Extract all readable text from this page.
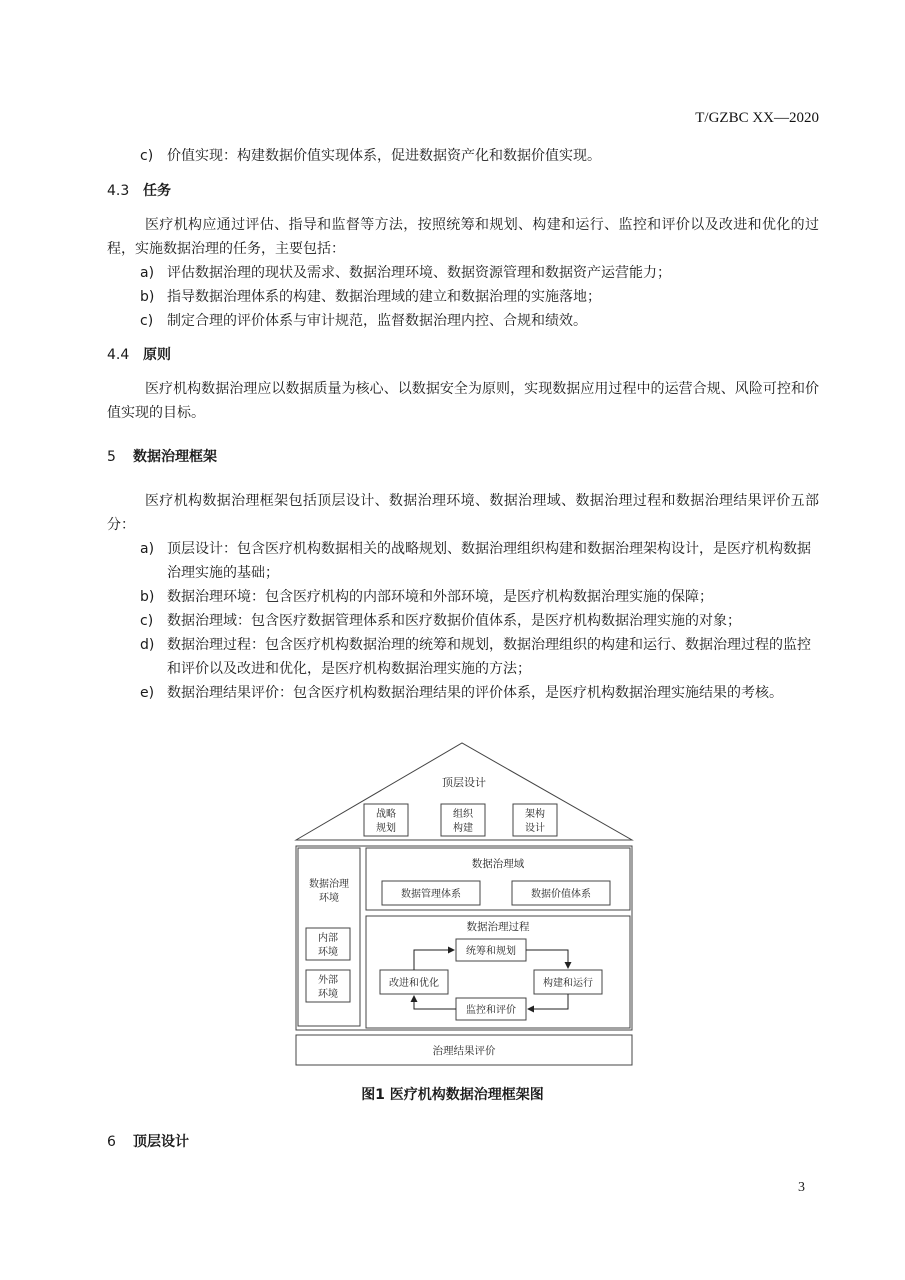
T/GZBC XX—2020
c) 价值实现：构建数据价值实现体系，促进数据资产化和数据价值实现。
4.3 任务
医疗机构应通过评估、指导和监督等方法，按照统筹和规划、构建和运行、监控和评价以及改进和优化的过程，实施数据治理的任务，主要包括：
a) 评估数据治理的现状及需求、数据治理环境、数据资源管理和数据资产运营能力；
b) 指导数据治理体系的构建、数据治理域的建立和数据治理的实施落地；
c) 制定合理的评价体系与审计规范，监督数据治理内控、合规和绩效。
4.4 原则
医疗机构数据治理应以数据质量为核心、以数据安全为原则，实现数据应用过程中的运营合规、风险可控和价值实现的目标。
5 数据治理框架
医疗机构数据治理框架包括顶层设计、数据治理环境、数据治理域、数据治理过程和数据治理结果评价五部分：
a) 顶层设计：包含医疗机构数据相关的战略规划、数据治理组织构建和数据治理架构设计，是医疗机构数据治理实施的基础；
b) 数据治理环境：包含医疗机构的内部环境和外部环境，是医疗机构数据治理实施的保障；
c) 数据治理域：包含医疗数据管理体系和医疗数据价值体系，是医疗机构数据治理实施的对象；
d) 数据治理过程：包含医疗机构数据治理的统筹和规划，数据治理组织的构建和运行、数据治理过程的监控和评价以及改进和优化，是医疗机构数据治理实施的方法；
e) 数据治理结果评价：包含医疗机构数据治理结果的评价体系，是医疗机构数据治理实施结果的考核。
顶层设计
战略
规划
组织
构建
架构
设计
数据治理
环境
内部
环境
外部
环境
数据治理域
数据管理体系	数据价值体系
数据治理过程
统筹和规划
构建和运行
监控和评价
改进和优化
治理结果评价
图1 医疗机构数据治理框架图
6 顶层设计
3
